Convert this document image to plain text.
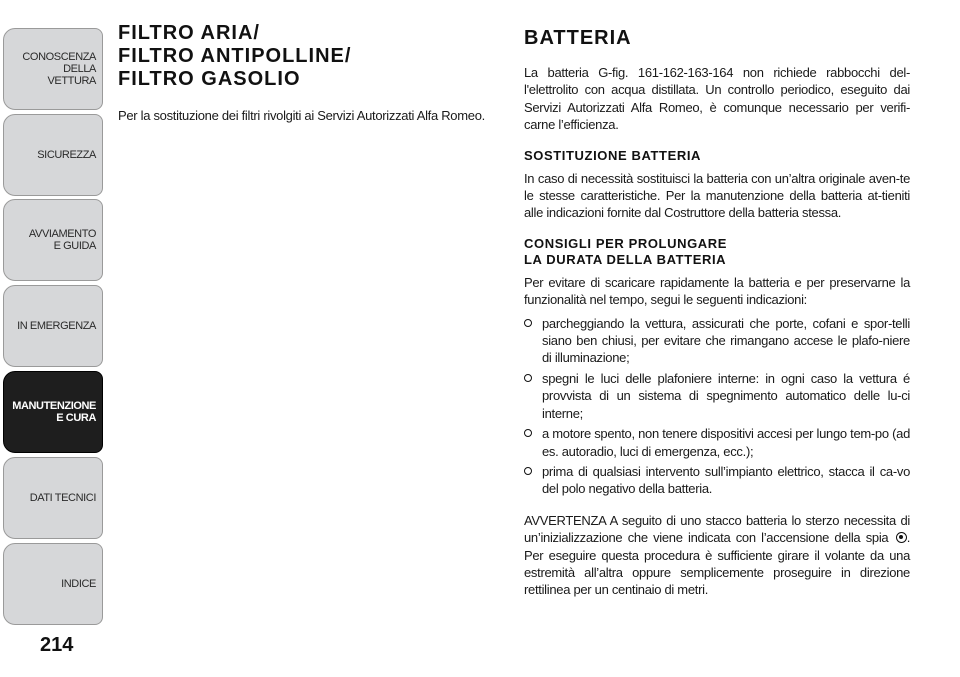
CONOSCENZA
DELLA
VETTURA
SICUREZZA
AVVIAMENTO
E GUIDA
IN EMERGENZA
MANUTENZIONE
E CURA
DATI TECNICI
INDICE
214
FILTRO ARIA/
FILTRO ANTIPOLLINE/
FILTRO GASOLIO

Per la sostituzione dei filtri rivolgiti ai Servizi Autorizzati Alfa Romeo.

BATTERIA

La batteria G-fig. 161-162-163-164 non richiede rabbocchi del-l'elettrolito con acqua distillata. Un controllo periodico, eseguito dai Servizi Autorizzati Alfa Romeo, è comunque necessario per verifi-carne l’efficienza.

SOSTITUZIONE BATTERIA

In caso di necessità sostituisci la batteria con un’altra originale aven-te le stesse caratteristiche. Per la manutenzione della batteria at-tieniti alle indicazioni fornite dal Costruttore della batteria stessa.

CONSIGLI PER PROLUNGARE
LA DURATA DELLA BATTERIA

Per evitare di scaricare rapidamente la batteria e per preservarne la funzionalità nel tempo, segui le seguenti indicazioni:

parcheggiando la vettura, assicurati che porte, cofani e spor-telli siano ben chiusi, per evitare che rimangano accese le plafo-niere di illuminazione;
spegni le luci delle plafoniere interne: in ogni caso la vettura é provvista di un sistema di spegnimento automatico delle lu-ci interne;
a motore spento, non tenere dispositivi accesi per lungo tem-po (ad es. autoradio, luci di emergenza, ecc.);
prima di qualsiasi intervento sull’impianto elettrico, stacca il ca-vo del polo negativo della batteria.

AVVERTENZA A seguito di uno stacco batteria lo sterzo necessita di un’inizializzazione che viene indicata con l’accensione della spia . Per eseguire questa procedura è sufficiente girare il volante da una estremità all’altra oppure semplicemente proseguire in direzione rettilinea per un centinaio di metri.
